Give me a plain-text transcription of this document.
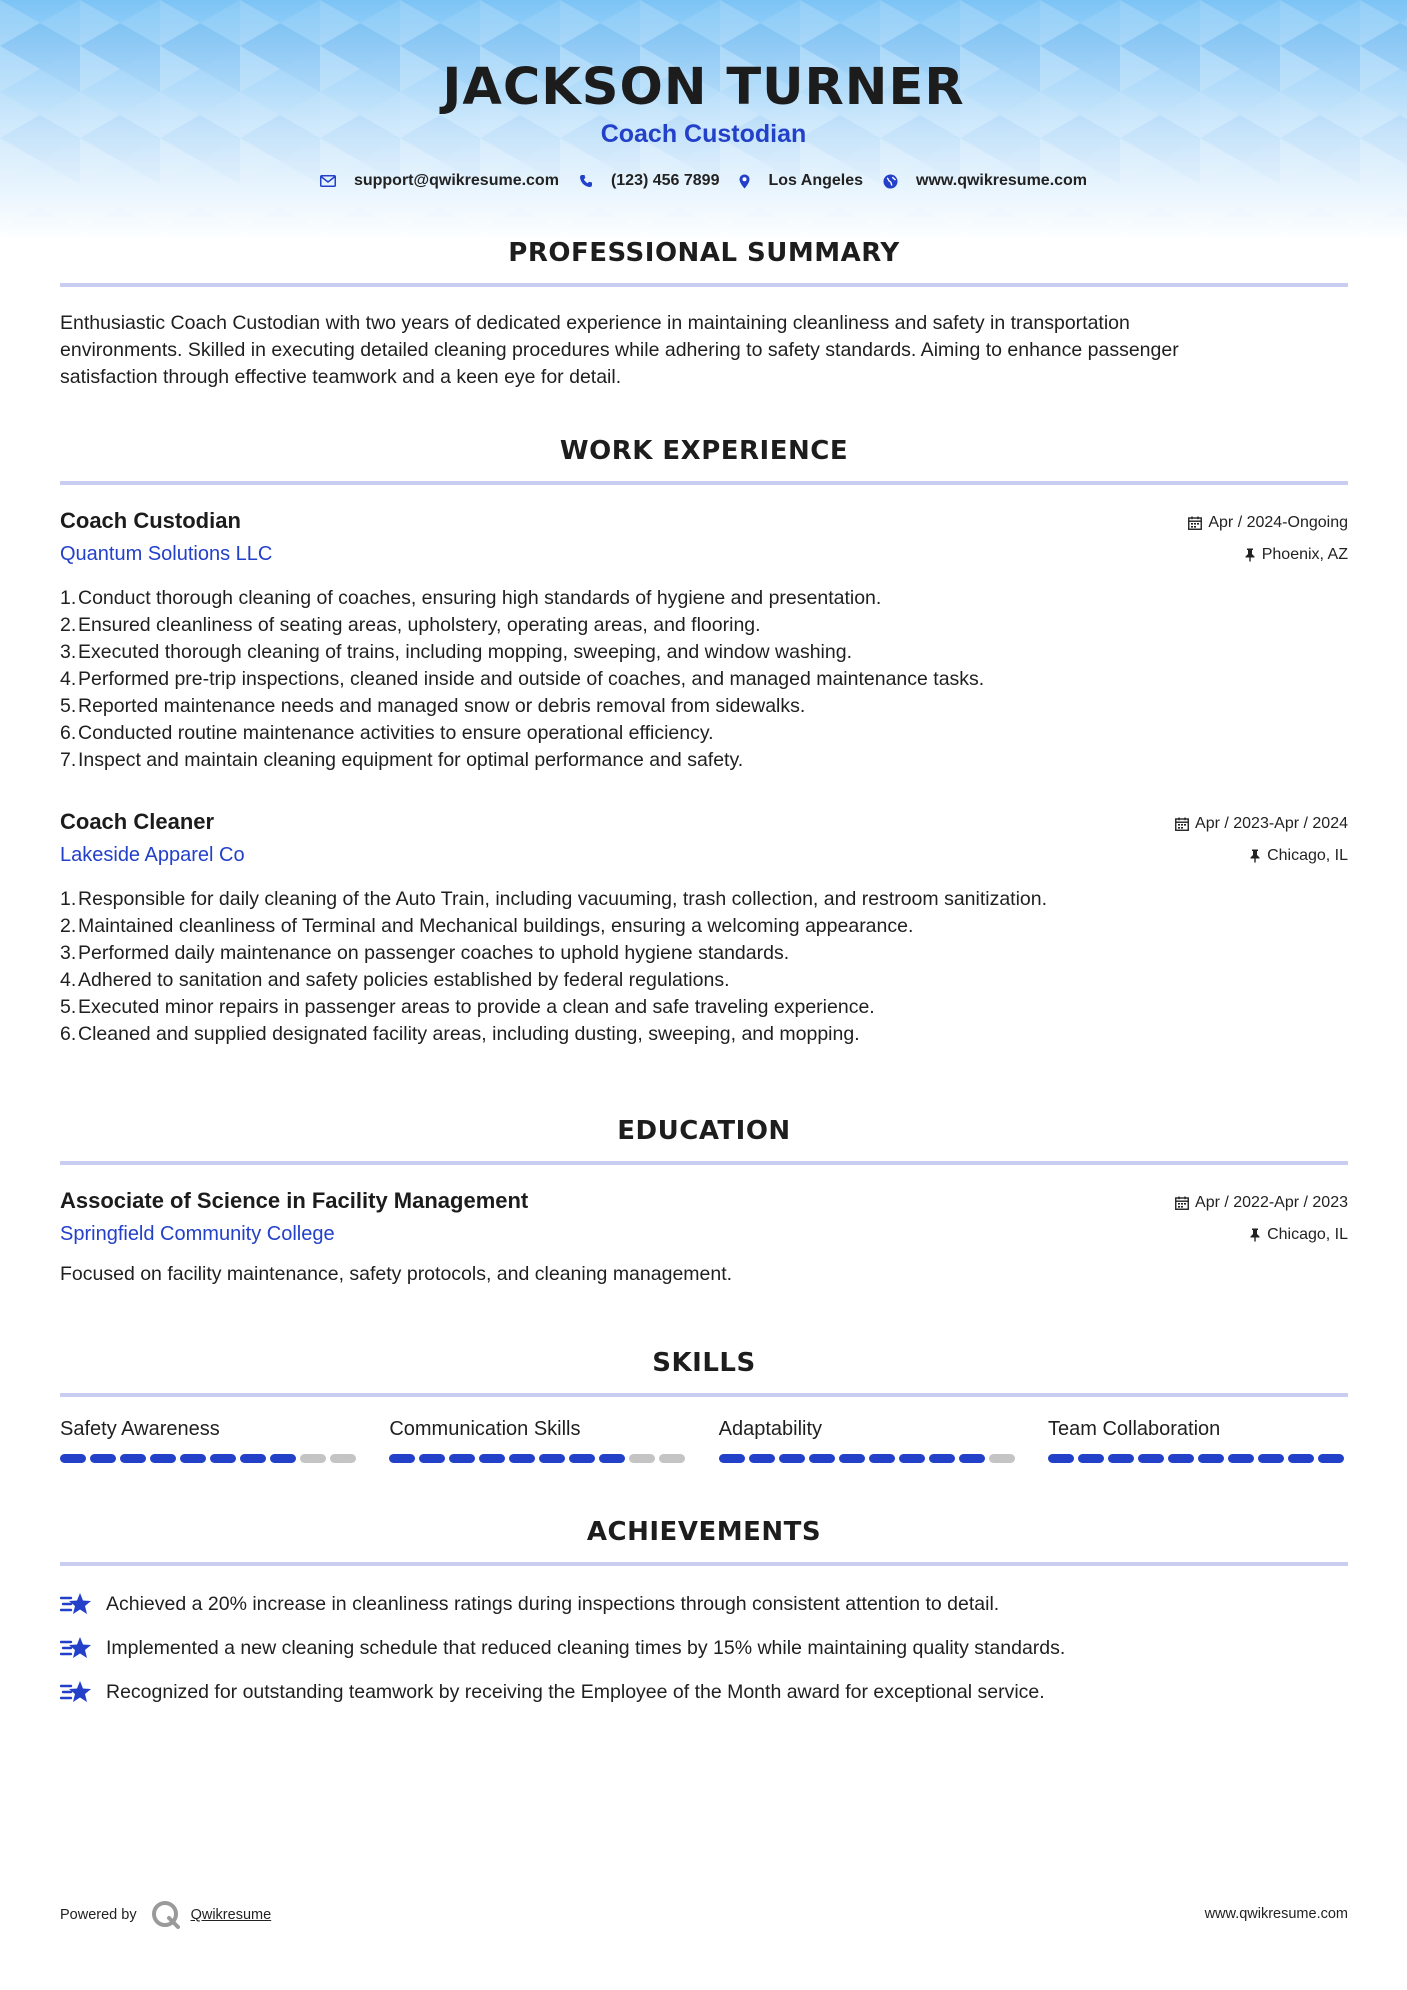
JACKSON TURNER
Coach Custodian
support@qwikresume.com	(123) 456 7899	Los Angeles	www.qwikresume.com
PROFESSIONAL SUMMARY
Enthusiastic Coach Custodian with two years of dedicated experience in maintaining cleanliness and safety in transportation
environments. Skilled in executing detailed cleaning procedures while adhering to safety standards. Aiming to enhance passenger
satisfaction through effective teamwork and a keen eye for detail.
WORK EXPERIENCE
Coach Custodian
Quantum Solutions LLC
Apr / 2024-Ongoing
Phoenix, AZ
1. Conduct thorough cleaning of coaches, ensuring high standards of hygiene and presentation.
2. Ensured cleanliness of seating areas, upholstery, operating areas, and flooring.
3. Executed thorough cleaning of trains, including mopping, sweeping, and window washing.
4. Performed pre-trip inspections, cleaned inside and outside of coaches, and managed maintenance tasks.
5. Reported maintenance needs and managed snow or debris removal from sidewalks.
6. Conducted routine maintenance activities to ensure operational efficiency.
7. Inspect and maintain cleaning equipment for optimal performance and safety.
Coach Cleaner
Lakeside Apparel Co
Apr / 2023-Apr / 2024
Chicago, IL
1. Responsible for daily cleaning of the Auto Train, including vacuuming, trash collection, and restroom sanitization.
2. Maintained cleanliness of Terminal and Mechanical buildings, ensuring a welcoming appearance.
3. Performed daily maintenance on passenger coaches to uphold hygiene standards.
4. Adhered to sanitation and safety policies established by federal regulations.
5. Executed minor repairs in passenger areas to provide a clean and safe traveling experience.
6. Cleaned and supplied designated facility areas, including dusting, sweeping, and mopping.
EDUCATION
Associate of Science in Facility Management
Springfield Community College
Apr / 2022-Apr / 2023
Chicago, IL
Focused on facility maintenance, safety protocols, and cleaning management.
SKILLS
Safety Awareness	Communication Skills	Adaptability	Team Collaboration
ACHIEVEMENTS
Achieved a 20% increase in cleanliness ratings during inspections through consistent attention to detail.
Implemented a new cleaning schedule that reduced cleaning times by 15% while maintaining quality standards.
Recognized for outstanding teamwork by receiving the Employee of the Month award for exceptional service.
Powered by	Qwikresume	www.qwikresume.com
